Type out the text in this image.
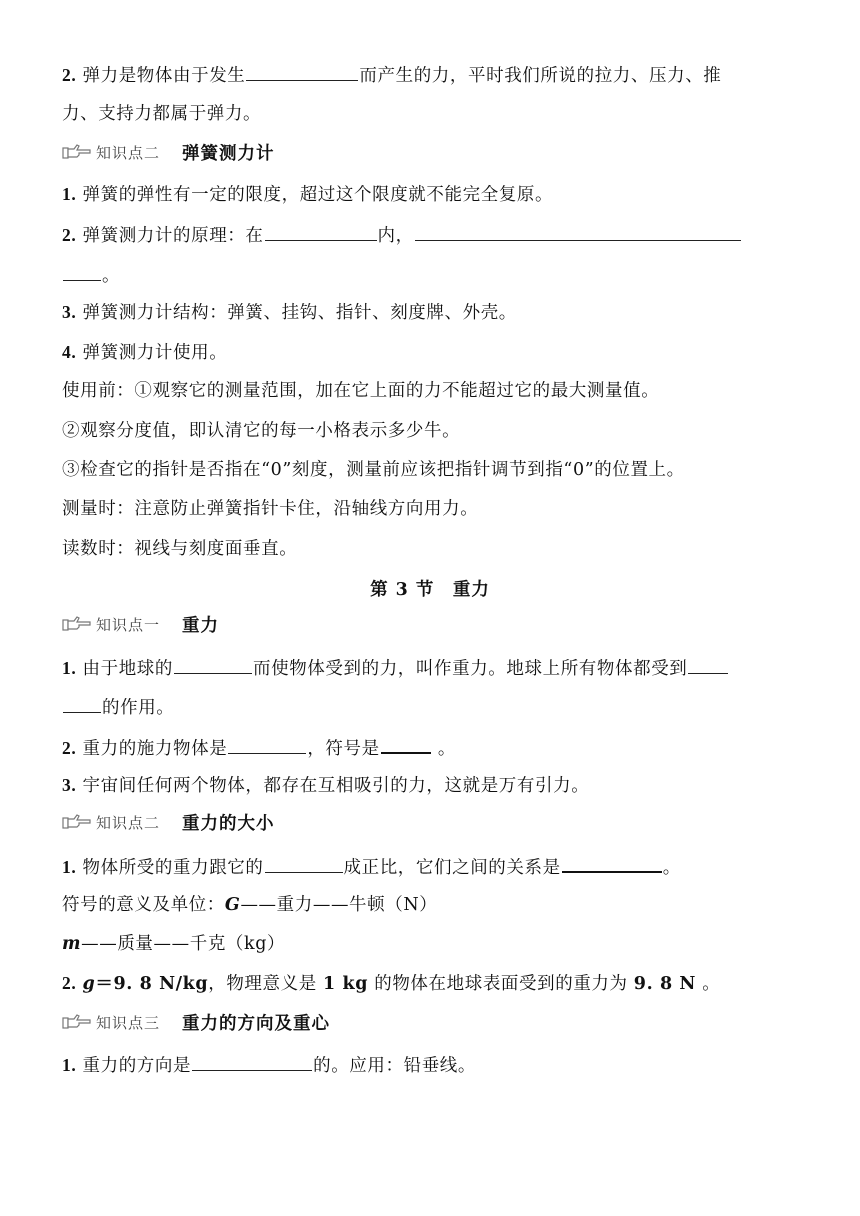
2. 弹力是物体由于发生	而产生的力，平时我们所说的拉力、压力、推
力、支持力都属于弹力。
知识点二 弹簧测力计
1. 弹簧的弹性有一定的限度，超过这个限度就不能完全复原。
2. 弹簧测力计的原理：在	内，
。
3. 弹簧测力计结构：弹簧、挂钩、指针、刻度牌、外壳。
4. 弹簧测力计使用。
使用前：①观察它的测量范围，加在它上面的力不能超过它的最大测量值。
②观察分度值，即认清它的每一小格表示多少牛。
③检查它的指针是否指在“0”刻度，测量前应该把指针调节到指“0”的位置上。
测量时：注意防止弹簧指针卡住，沿轴线方向用力。
读数时：视线与刻度面垂直。
第 3 节　重力
知识点一 重力
1. 由于地球的	而使物体受到的力，叫作重力。地球上所有物体都受到
的作用。
2. 重力的施力物体是	，符号是	。
3. 宇宙间任何两个物体，都存在互相吸引的力，这就是万有引力。
知识点二 重力的大小
1. 物体所受的重力跟它的	成正比，它们之间的关系是	。
符号的意义及单位：G——重力——牛顿（N）
m——质量——千克（kg）
2. g＝9. 8 N/kg，物理意义是 1 kg 的物体在地球表面受到的重力为 9. 8 N 。
知识点三 重力的方向及重心
1. 重力的方向是	的。应用：铅垂线。
